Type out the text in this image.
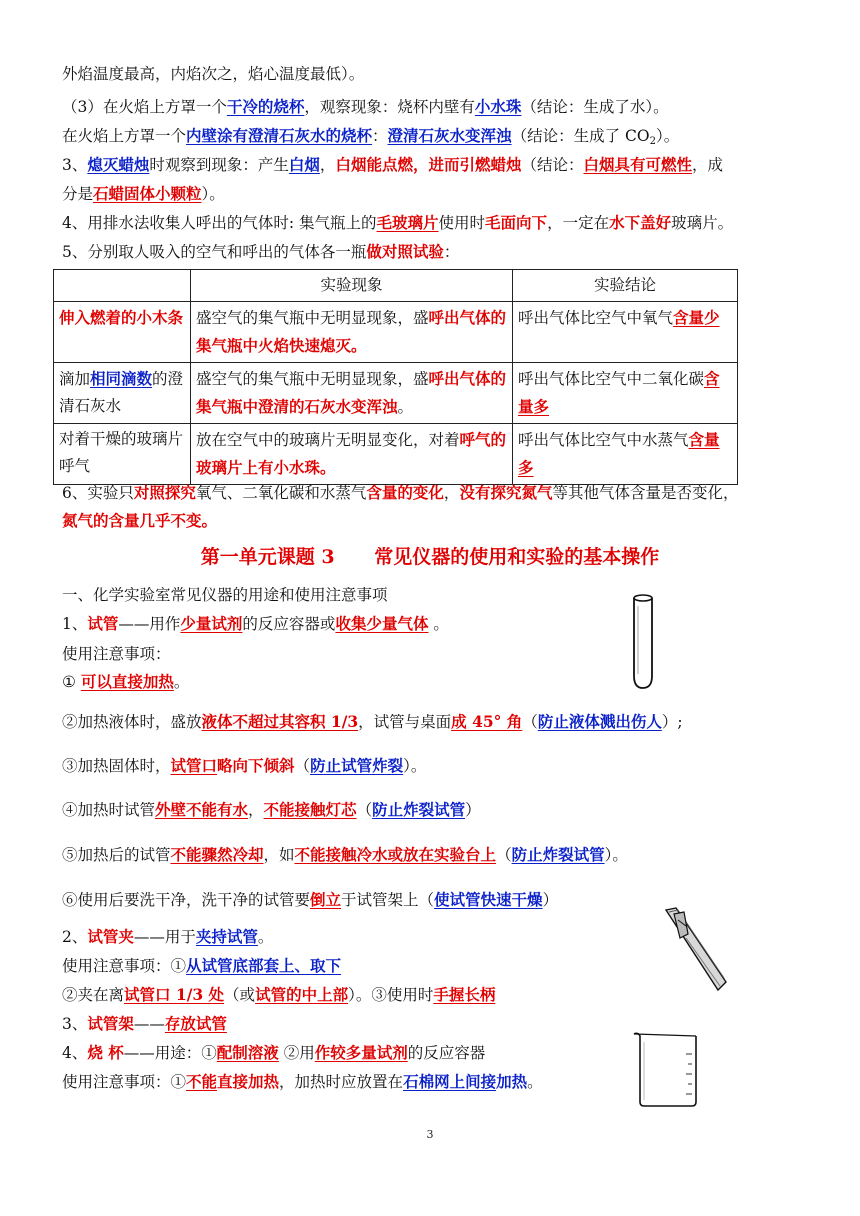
外焰温度最高，内焰次之，焰心温度最低）。
（3）在火焰上方罩一个干冷的烧杯，观察现象：烧杯内壁有小水珠（结论：生成了水）。
在火焰上方罩一个内壁涂有澄清石灰水的烧杯：澄清石灰水变浑浊（结论：生成了 $CO_2$）。
3、熄灭蜡烛时观察到现象：产生白烟，白烟能点燃，进而引燃蜡烛（结论：白烟具有可燃性，成
分是石蜡固体小颗粒）。
4、用排水法收集人呼出的气体时: 集气瓶上的毛玻璃片使用时毛面向下，一定在水下盖好玻璃片。
5、分别取人吸入的空气和呼出的气体各一瓶做对照试验：
	实验现象	实验结论
伸入燃着的小木条	盛空气的集气瓶中无明显现象，盛呼出气体的集气瓶中火焰快速熄灭。	呼出气体比空气中氧气含量少
滴加相同滴数的澄清石灰水	盛空气的集气瓶中无明显现象，盛呼出气体的集气瓶中澄清的石灰水变浑浊。	呼出气体比空气中二氧化碳含量多
对着干燥的玻璃片呼气	放在空气中的玻璃片无明显变化，对着呼气的玻璃片上有小水珠。	呼出气体比空气中水蒸气含量多
6、实验只对照探究氧气、二氧化碳和水蒸气含量的变化，没有探究氮气等其他气体含量是否变化，
氮气的含量几乎不变。
第一单元课题 3      常见仪器的使用和实验的基本操作
一、化学实验室常见仪器的用途和使用注意事项
1、试管——用作少量试剂的反应容器或收集少量气体 。
使用注意事项：
① 可以直接加热。
②加热液体时，盛放液体不超过其容积 1/3，试管与桌面成 45° 角（防止液体溅出伤人）;
③加热固体时，试管口略向下倾斜（防止试管炸裂）。
④加热时试管外壁不能有水，不能接触灯芯（防止炸裂试管）
⑤加热后的试管不能骤然冷却，如不能接触冷水或放在实验台上（防止炸裂试管）。
⑥使用后要洗干净，洗干净的试管要倒立于试管架上（使试管快速干燥）
2、试管夹——用于夹持试管。
使用注意事项：①从试管底部套上、取下
②夹在离试管口 1/3 处（或试管的中上部）。③使用时手握长柄
3、试管架——存放试管
4、烧 杯——用途：①配制溶液 ②用作较多量试剂的反应容器
使用注意事项：①不能直接加热，加热时应放置在石棉网上间接加热。
3
